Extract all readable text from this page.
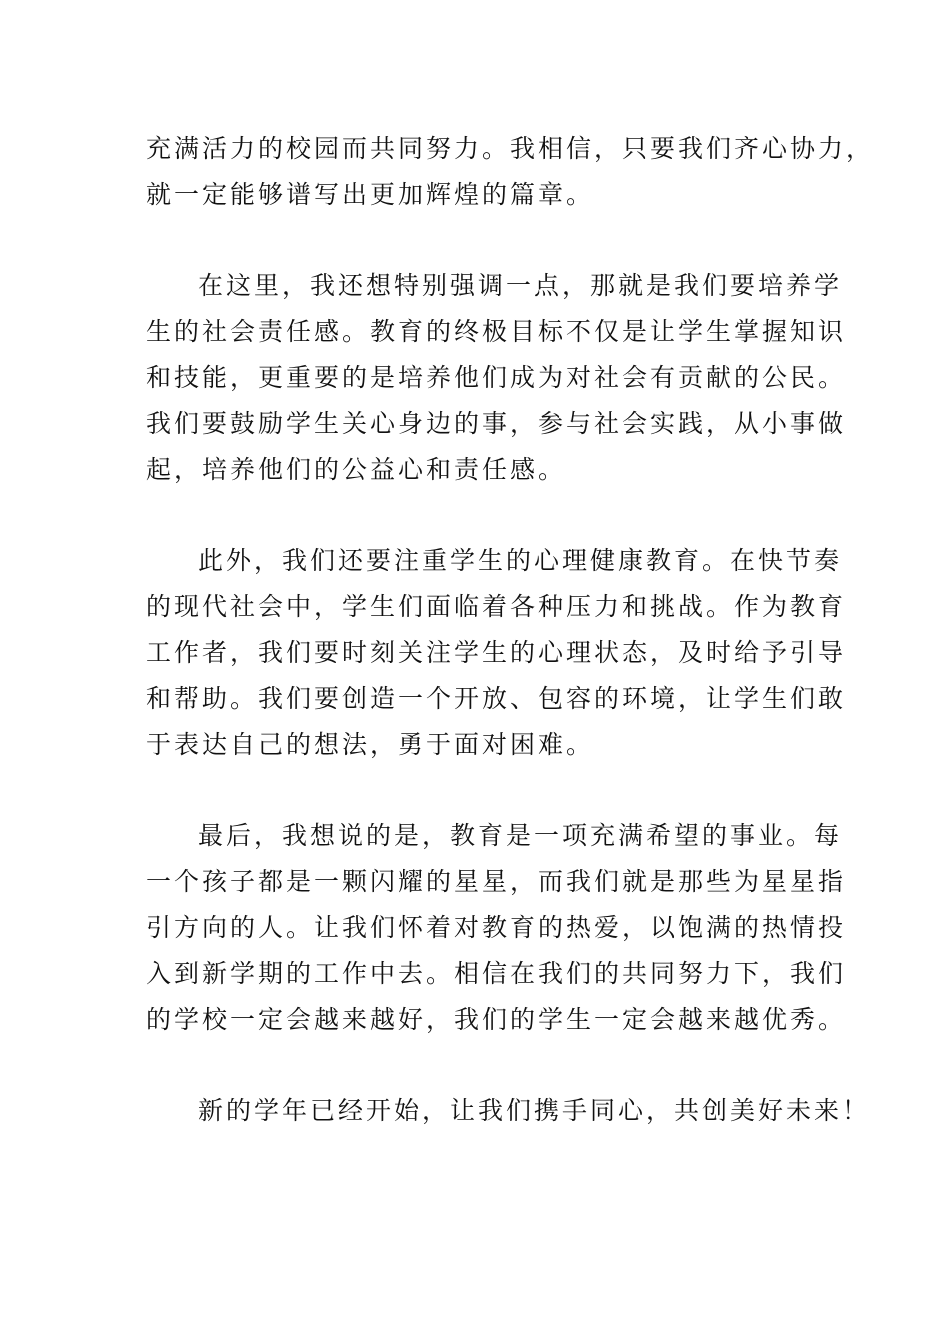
充满活力的校园而共同努力。我相信，只要我们齐心协力，
就一定能够谱写出更加辉煌的篇章。

在这里，我还想特别强调一点，那就是我们要培养学
生的社会责任感。教育的终极目标不仅是让学生掌握知识
和技能，更重要的是培养他们成为对社会有贡献的公民。
我们要鼓励学生关心身边的事，参与社会实践，从小事做
起，培养他们的公益心和责任感。

此外，我们还要注重学生的心理健康教育。在快节奏
的现代社会中，学生们面临着各种压力和挑战。作为教育
工作者，我们要时刻关注学生的心理状态，及时给予引导
和帮助。我们要创造一个开放、包容的环境，让学生们敢
于表达自己的想法，勇于面对困难。

最后，我想说的是，教育是一项充满希望的事业。每
一个孩子都是一颗闪耀的星星，而我们就是那些为星星指
引方向的人。让我们怀着对教育的热爱，以饱满的热情投
入到新学期的工作中去。相信在我们的共同努力下，我们
的学校一定会越来越好，我们的学生一定会越来越优秀。

新的学年已经开始，让我们携手同心，共创美好未来！
